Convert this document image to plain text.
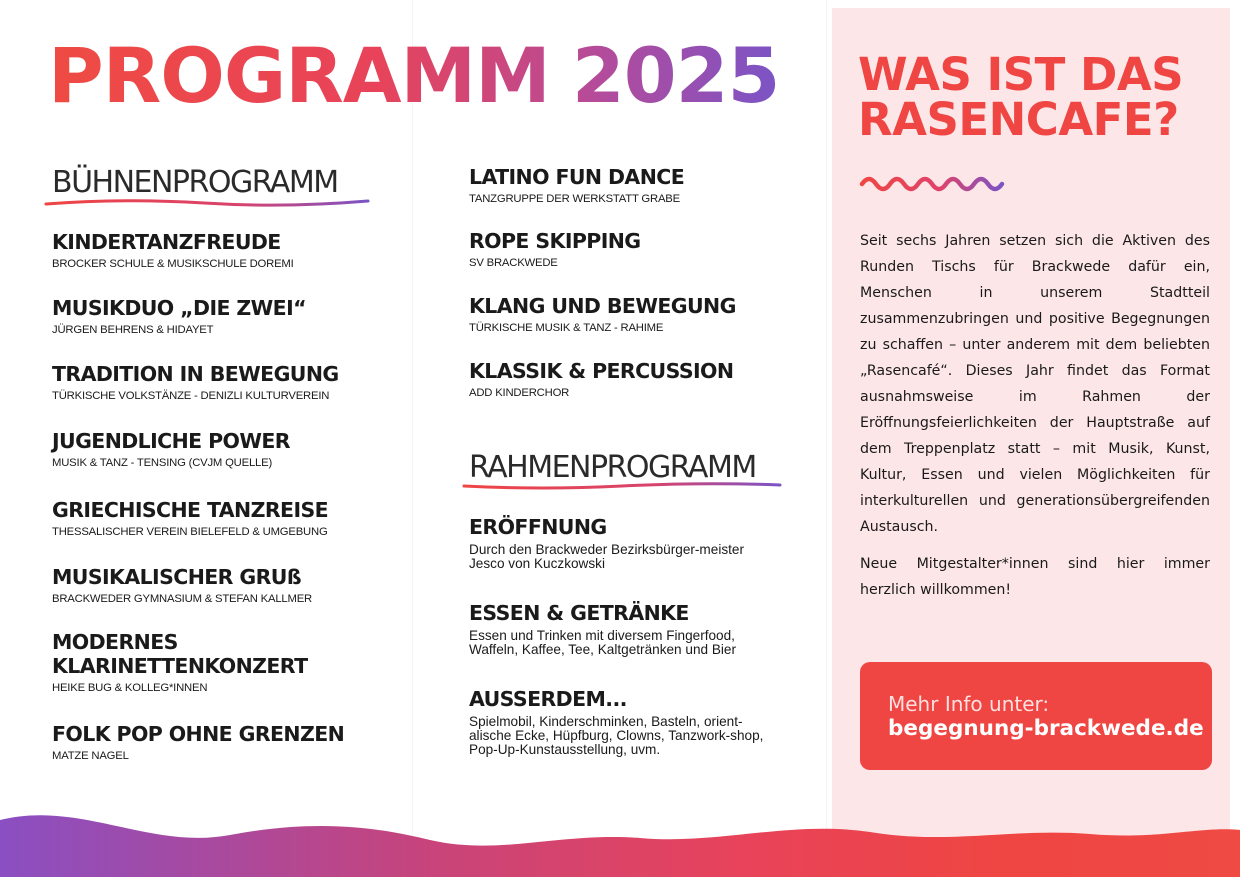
PROGRAMM 2025
BÜHNENPROGRAMM
KINDERTANZFREUDE
BROCKER SCHULE & MUSIKSCHULE DOREMI
MUSIKDUO „DIE ZWEI“
JÜRGEN BEHRENS & HIDAYET
TRADITION IN BEWEGUNG
TÜRKISCHE VOLKSTÄNZE - DENIZLI KULTURVEREIN
JUGENDLICHE POWER
MUSIK & TANZ - TENSING (CVJM QUELLE)
GRIECHISCHE TANZREISE
THESSALISCHER VEREIN BIELEFELD & UMGEBUNG
MUSIKALISCHER GRUß
BRACKWEDER GYMNASIUM & STEFAN KALLMER
MODERNES
KLARINETTENKONZERT
HEIKE BUG & KOLLEG*INNEN
FOLK POP OHNE GRENZEN
MATZE NAGEL
LATINO FUN DANCE
TANZGRUPPE DER WERKSTATT GRABE
ROPE SKIPPING
SV BRACKWEDE
KLANG UND BEWEGUNG
TÜRKISCHE MUSIK & TANZ - RAHIME
KLASSIK & PERCUSSION
ADD KINDERCHOR
RAHMENPROGRAMM
ERÖFFNUNG
Durch den Brackweder Bezirksbürger-meister Jesco von Kuczkowski
ESSEN & GETRÄNKE
Essen und Trinken mit diversem Fingerfood, Waffeln, Kaffee, Tee, Kaltgetränken und Bier
AUSSERDEM...
Spielmobil, Kinderschminken, Basteln, orient-alische Ecke, Hüpfburg, Clowns, Tanzwork-shop, Pop-Up-Kunstausstellung, uvm.
WAS IST DAS
RASENCAFE?

Seit sechs Jahren setzen sich die Aktiven des Runden Tischs für Brackwede dafür ein, Menschen in unserem Stadtteil zusammenzubringen und positive Begegnungen zu schaffen – unter anderem mit dem beliebten „Rasencafé“. Dieses Jahr findet das Format ausnahmsweise im Rahmen der Eröffnungsfeierlichkeiten der Hauptstraße auf dem Treppenplatz statt – mit Musik, Kunst, Kultur, Essen und vielen Möglichkeiten für interkulturellen und generationsübergreifenden Austausch.

Neue Mitgestalter*innen sind hier immer herzlich willkommen!

Mehr Info unter:
begegnung-brackwede.de
